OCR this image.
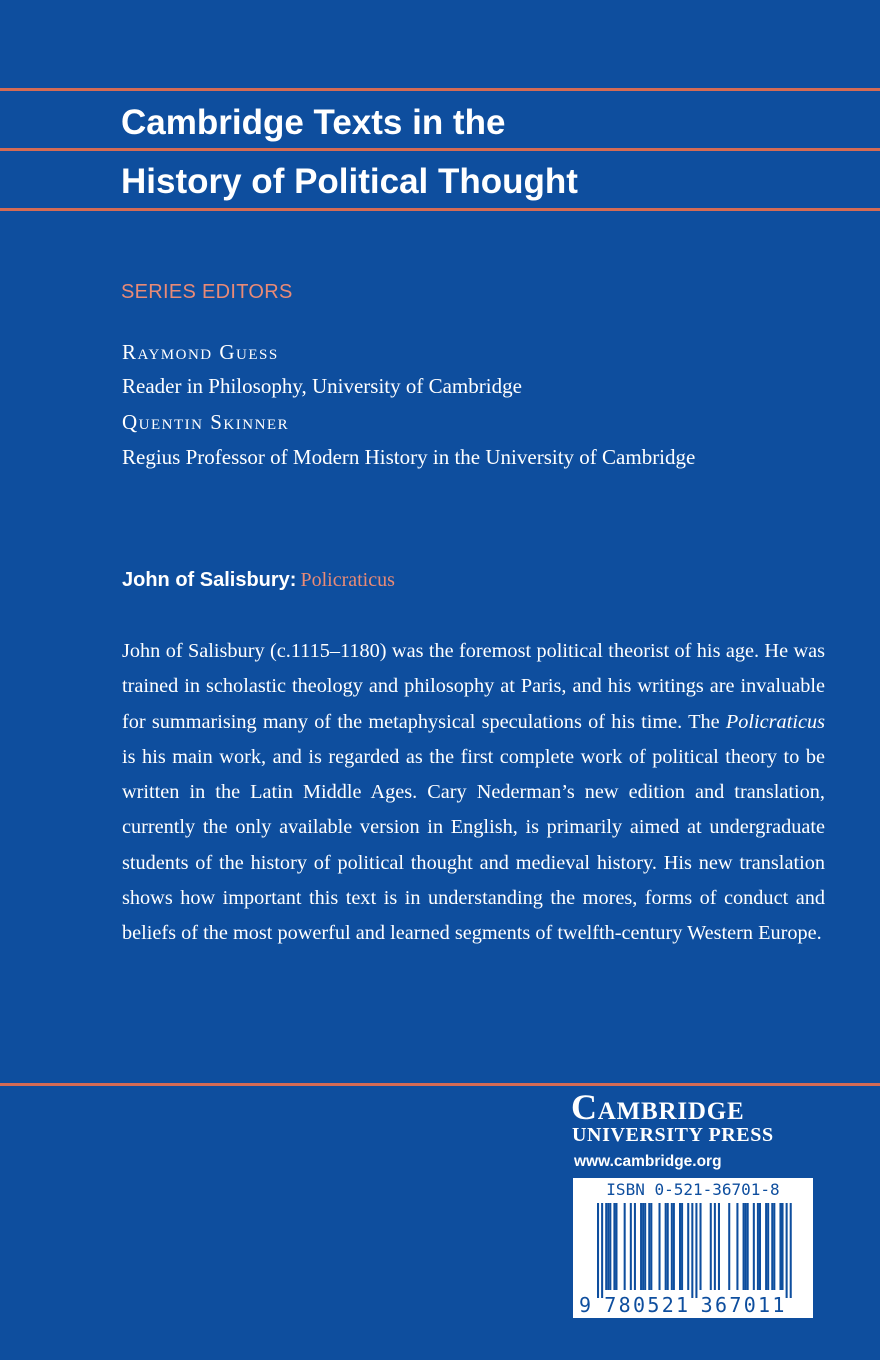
Cambridge Texts in the
History of Political Thought
SERIES EDITORS
Raymond Guess
Reader in Philosophy, University of Cambridge
Quentin Skinner
Regius Professor of Modern History in the University of Cambridge
John of Salisbury: Policraticus

John of Salisbury (c.1115–1180) was the foremost political theorist of his age. He was trained in scholastic theology and philosophy at Paris, and his writings are invaluable for summarising many of the metaphysical speculations of his time. The Policraticus is his main work, and is regarded as the first complete work of political theory to be written in the Latin Middle Ages. Cary Nederman’s new edition and translation, currently the only available version in English, is primarily aimed at undergraduate students of the history of political thought and medieval history. His new translation shows how important this text is in understanding the mores, forms of conduct and beliefs of the most powerful and learned segments of twelfth-century Western Europe.

Cambridge
UNIVERSITY PRESS
www.cambridge.org
ISBN 0-521-36701-8
9 7 8 0 5 2 1 3 6 7 0 1 1
